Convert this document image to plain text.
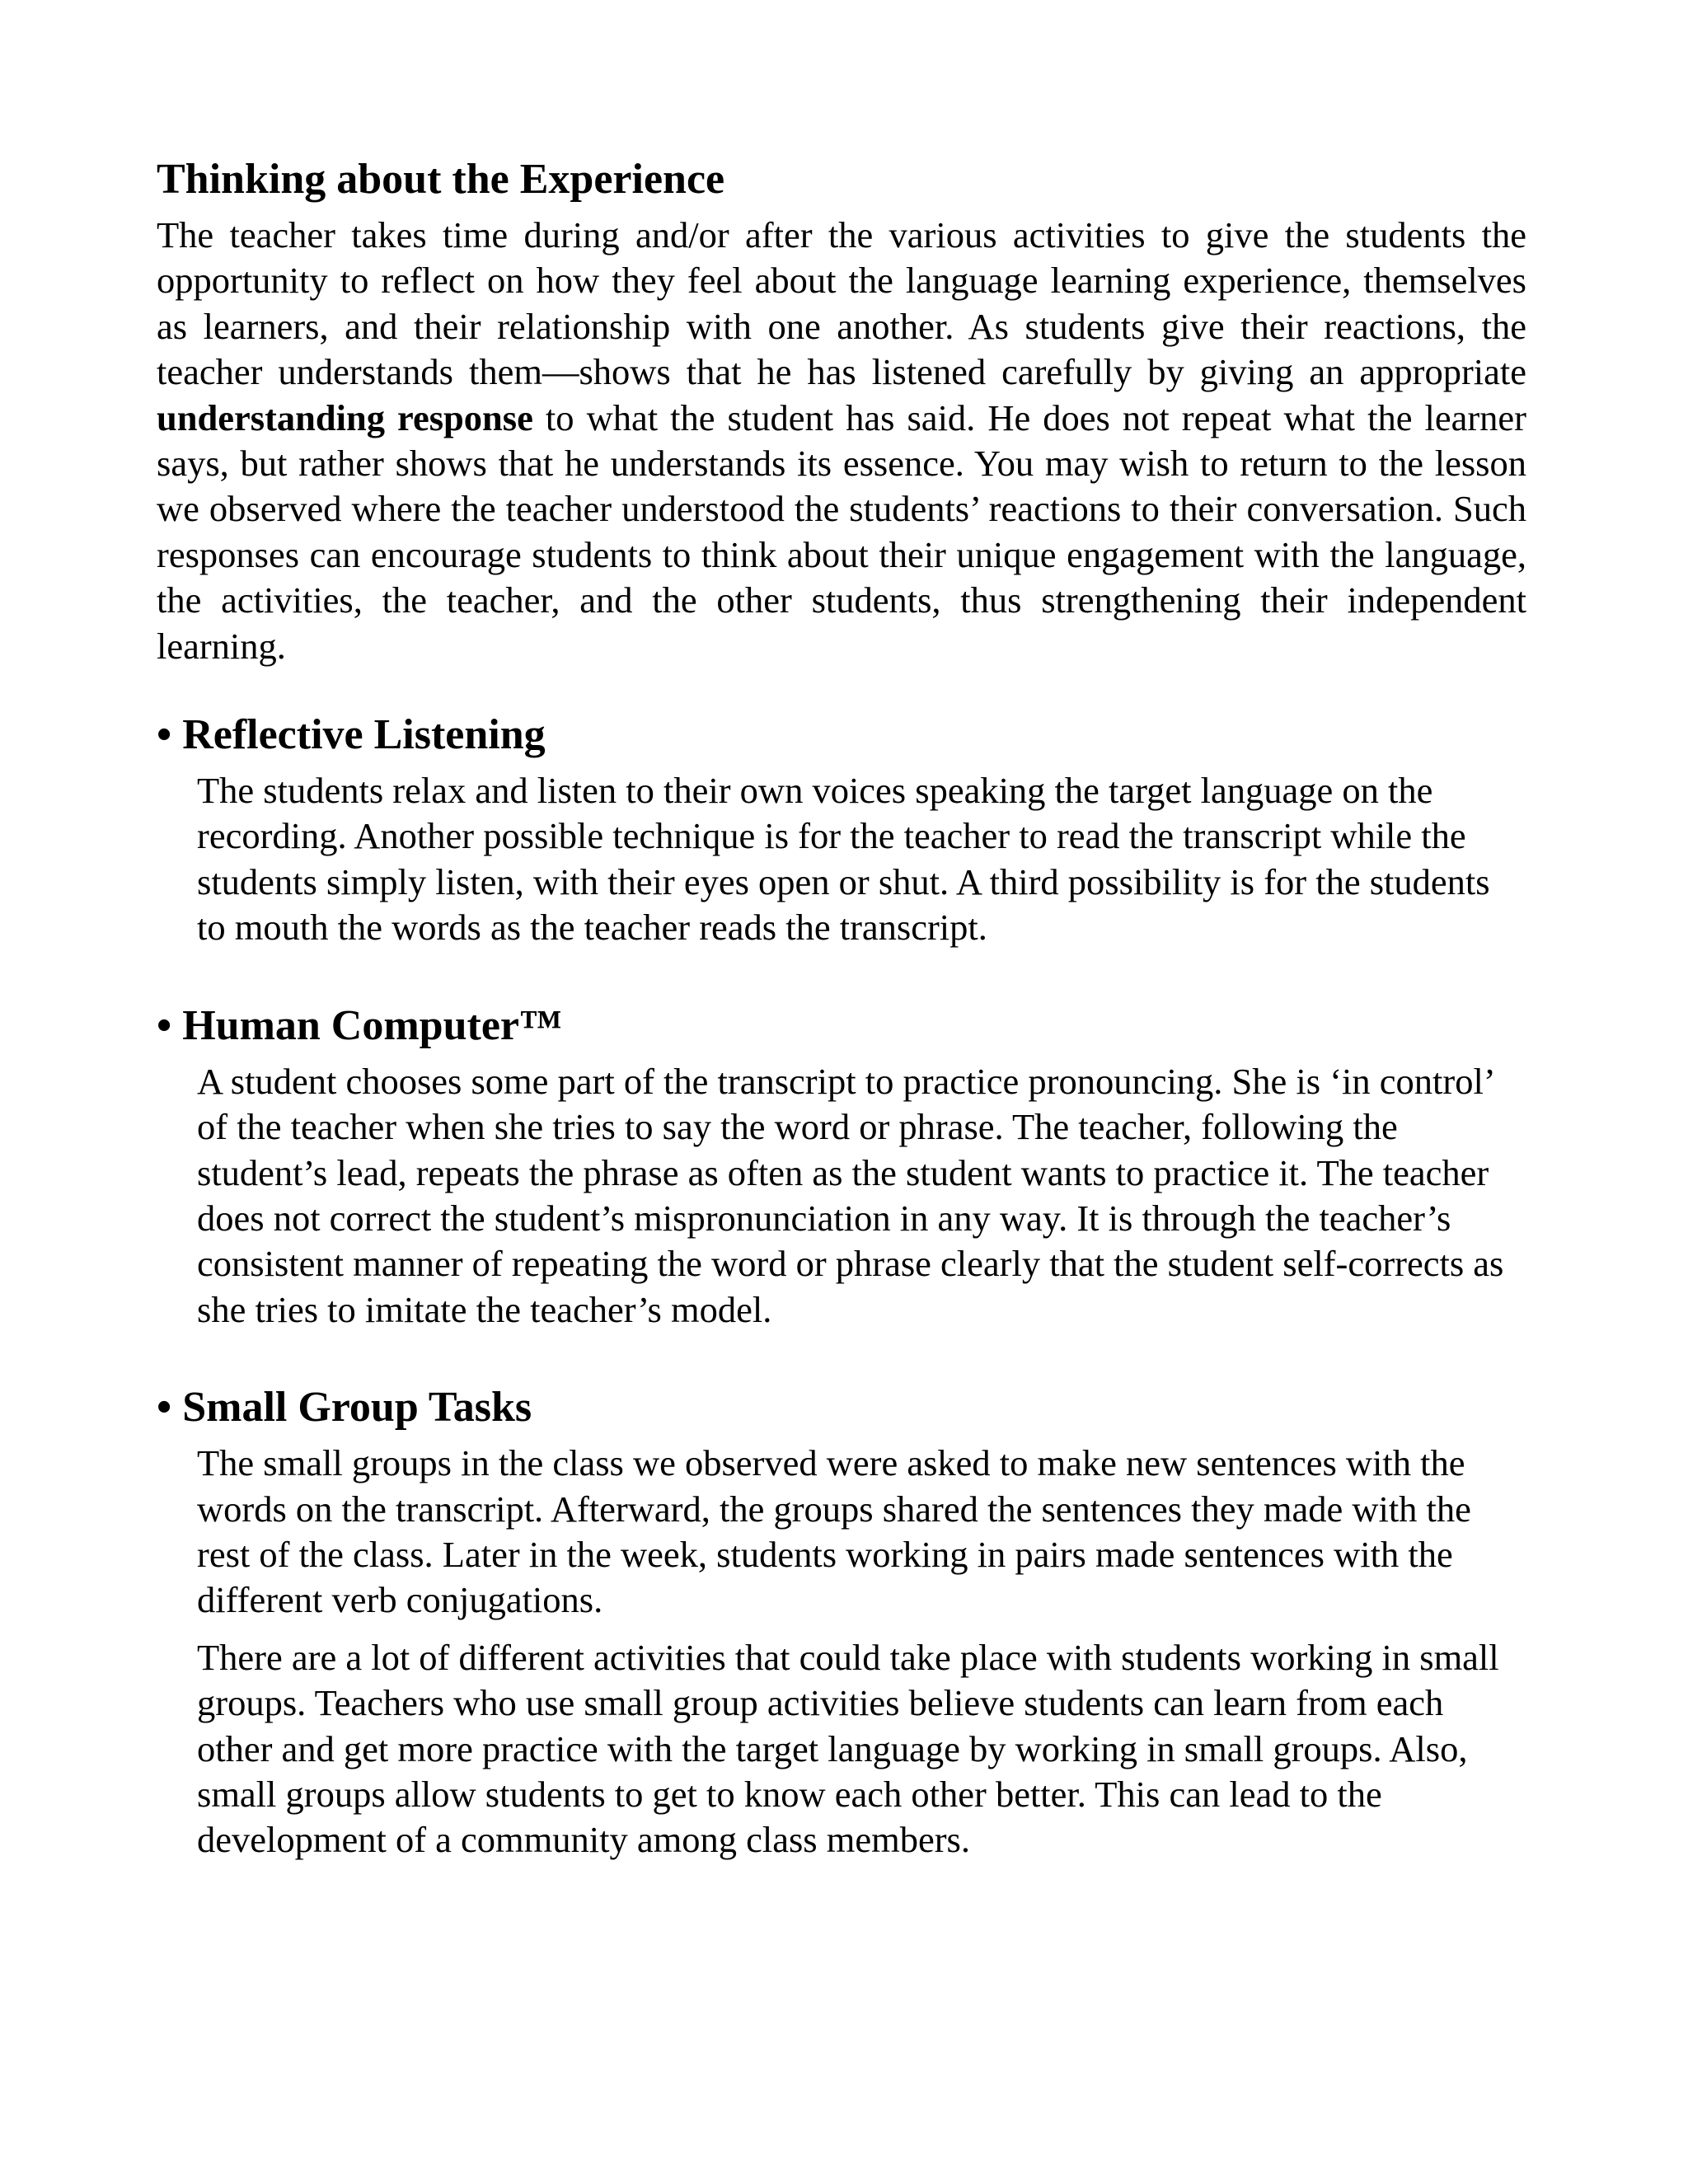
Thinking about the Experience

The teacher takes time during and/or after the various activities to give the students the opportunity to reflect on how they feel about the language learning experience, themselves as learners, and their relationship with one another. As students give their reactions, the teacher understands them—shows that he has listened carefully by giving an appropriate understanding response to what the student has said. He does not repeat what the learner says, but rather shows that he understands its essence. You may wish to return to the lesson we observed where the teacher understood the students’ reactions to their conversation. Such responses can encourage students to think about their unique engagement with the language, the activities, the teacher, and the other students, thus strengthening their independent learning.

• Reflective Listening

The students relax and listen to their own voices speaking the target language on the recording. Another possible technique is for the teacher to read the transcript while the students simply listen, with their eyes open or shut. A third possibility is for the students to mouth the words as the teacher reads the transcript.

• Human Computer™

A student chooses some part of the transcript to practice pronouncing. She is ‘in control’ of the teacher when she tries to say the word or phrase. The teacher, following the student’s lead, repeats the phrase as often as the student wants to practice it. The teacher does not correct the student’s mispronunciation in any way. It is through the teacher’s consistent manner of repeating the word or phrase clearly that the student self-corrects as she tries to imitate the teacher’s model.

• Small Group Tasks

The small groups in the class we observed were asked to make new sentences with the words on the transcript. Afterward, the groups shared the sentences they made with the rest of the class. Later in the week, students working in pairs made sentences with the different verb conjugations.

There are a lot of different activities that could take place with students working in small groups. Teachers who use small group activities believe students can learn from each other and get more practice with the target language by working in small groups. Also, small groups allow students to get to know each other better. This can lead to the development of a community among class members.
